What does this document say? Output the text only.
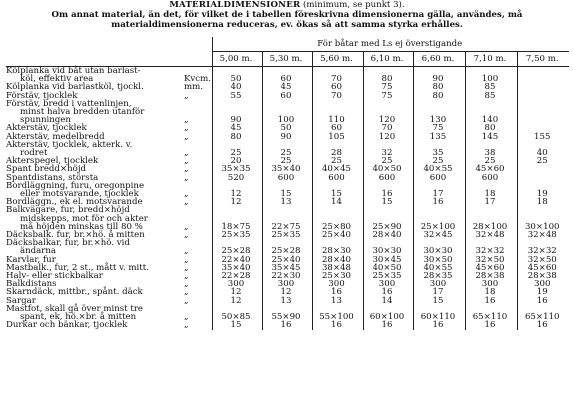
MATERIALDIMENSIONER (minimum, se punkt 3).
Om annat material, än det, för vilket de i tabellen föreskrivna dimensionerna gälla, användes, må
materialdimensionerna reduceras, ev. ökas så att samma styrka erhålles.
		För båtar med Ls ej överstigande						
		5,00 m.	5,30 m.	5,60 m.	6,10 m.	6,60 m.	7,10 m.	7,50 m.

Kölplanka vid båt utan barlast-
köl, effektiv area	Kvcm.	50	60	70	80	90	100	

Kölplanka vid barlastköl, tjockl.	mm.	40	45	60	75	80	85	

Förstäv, tjocklek	„	55	60	70	75	80	85	

Förstäv, bredd i vattenlinjen,
minst halva bredden utanför
spunningen	„	90	100	110	120	130	140	

Akterstäv, tjocklek	„	45	50	60	70	75	80	

Akterstäv, medelbredd	„	80	90	105	120	135	145	155

Akterstäv, tjocklek, akterk. v.
rodret	„	25	25	28	32	35	38	40

Akterspegel, tjocklek	„	20	25	25	25	25	25	25

Spant bredd×höjd	„	35×35	35×40	40×45	40×50	40×55	45×60	

Spantdistans, största	„	520	600	600	600	600	600	

Bordläggning, furu, oregonpine
eller motsvarande, tjocklek	„	12	15	15	16	17	18	19

Bordläggn., ek el. motsvarande	„	12	13	14	15	16	17	18

Balkvägare, fur, bredd×höjd
midskepps, mot för och akter
må höjden minskas till 80 %	„	18×75	22×75	25×80	25×90	25×100	28×100	30×100

Däcksbalk. fur, br.×hö. å mitten	„	25×35	25×35	25×40	28×40	32×45	32×48	32×48

Däcksbalkar, fur, br.×hö. vid
ändarna	„	25×28	25×28	28×30	30×30	30×30	32×32	32×32

Karvlar, fur	„	22×40	25×40	28×40	30×45	30×50	32×50	32×50

Mastbalk., fur, 2 st., mått v. mitt.	„	35×40	35×45	38×48	40×50	40×55	45×60	45×60

Halv- eller stickbalkar	„	22×28	22×30	25×30	25×35	28×35	28×38	28×38

Balkdistans	„	300	300	300	300	300	300	300

Skarndäck, mittbr., spånt. däck	„	12	12	16	16	17	18	19

Sargar	„	12	13	13	14	15	16	16

Mastfot, skall gå över minst tre
spant, ek, hö.×br. å mitten	„	50×85	55×90	55×100	60×100	60×110	65×110	65×110

Durkar och bänkar, tjocklek	„	15	16	16	16	16	16	16
